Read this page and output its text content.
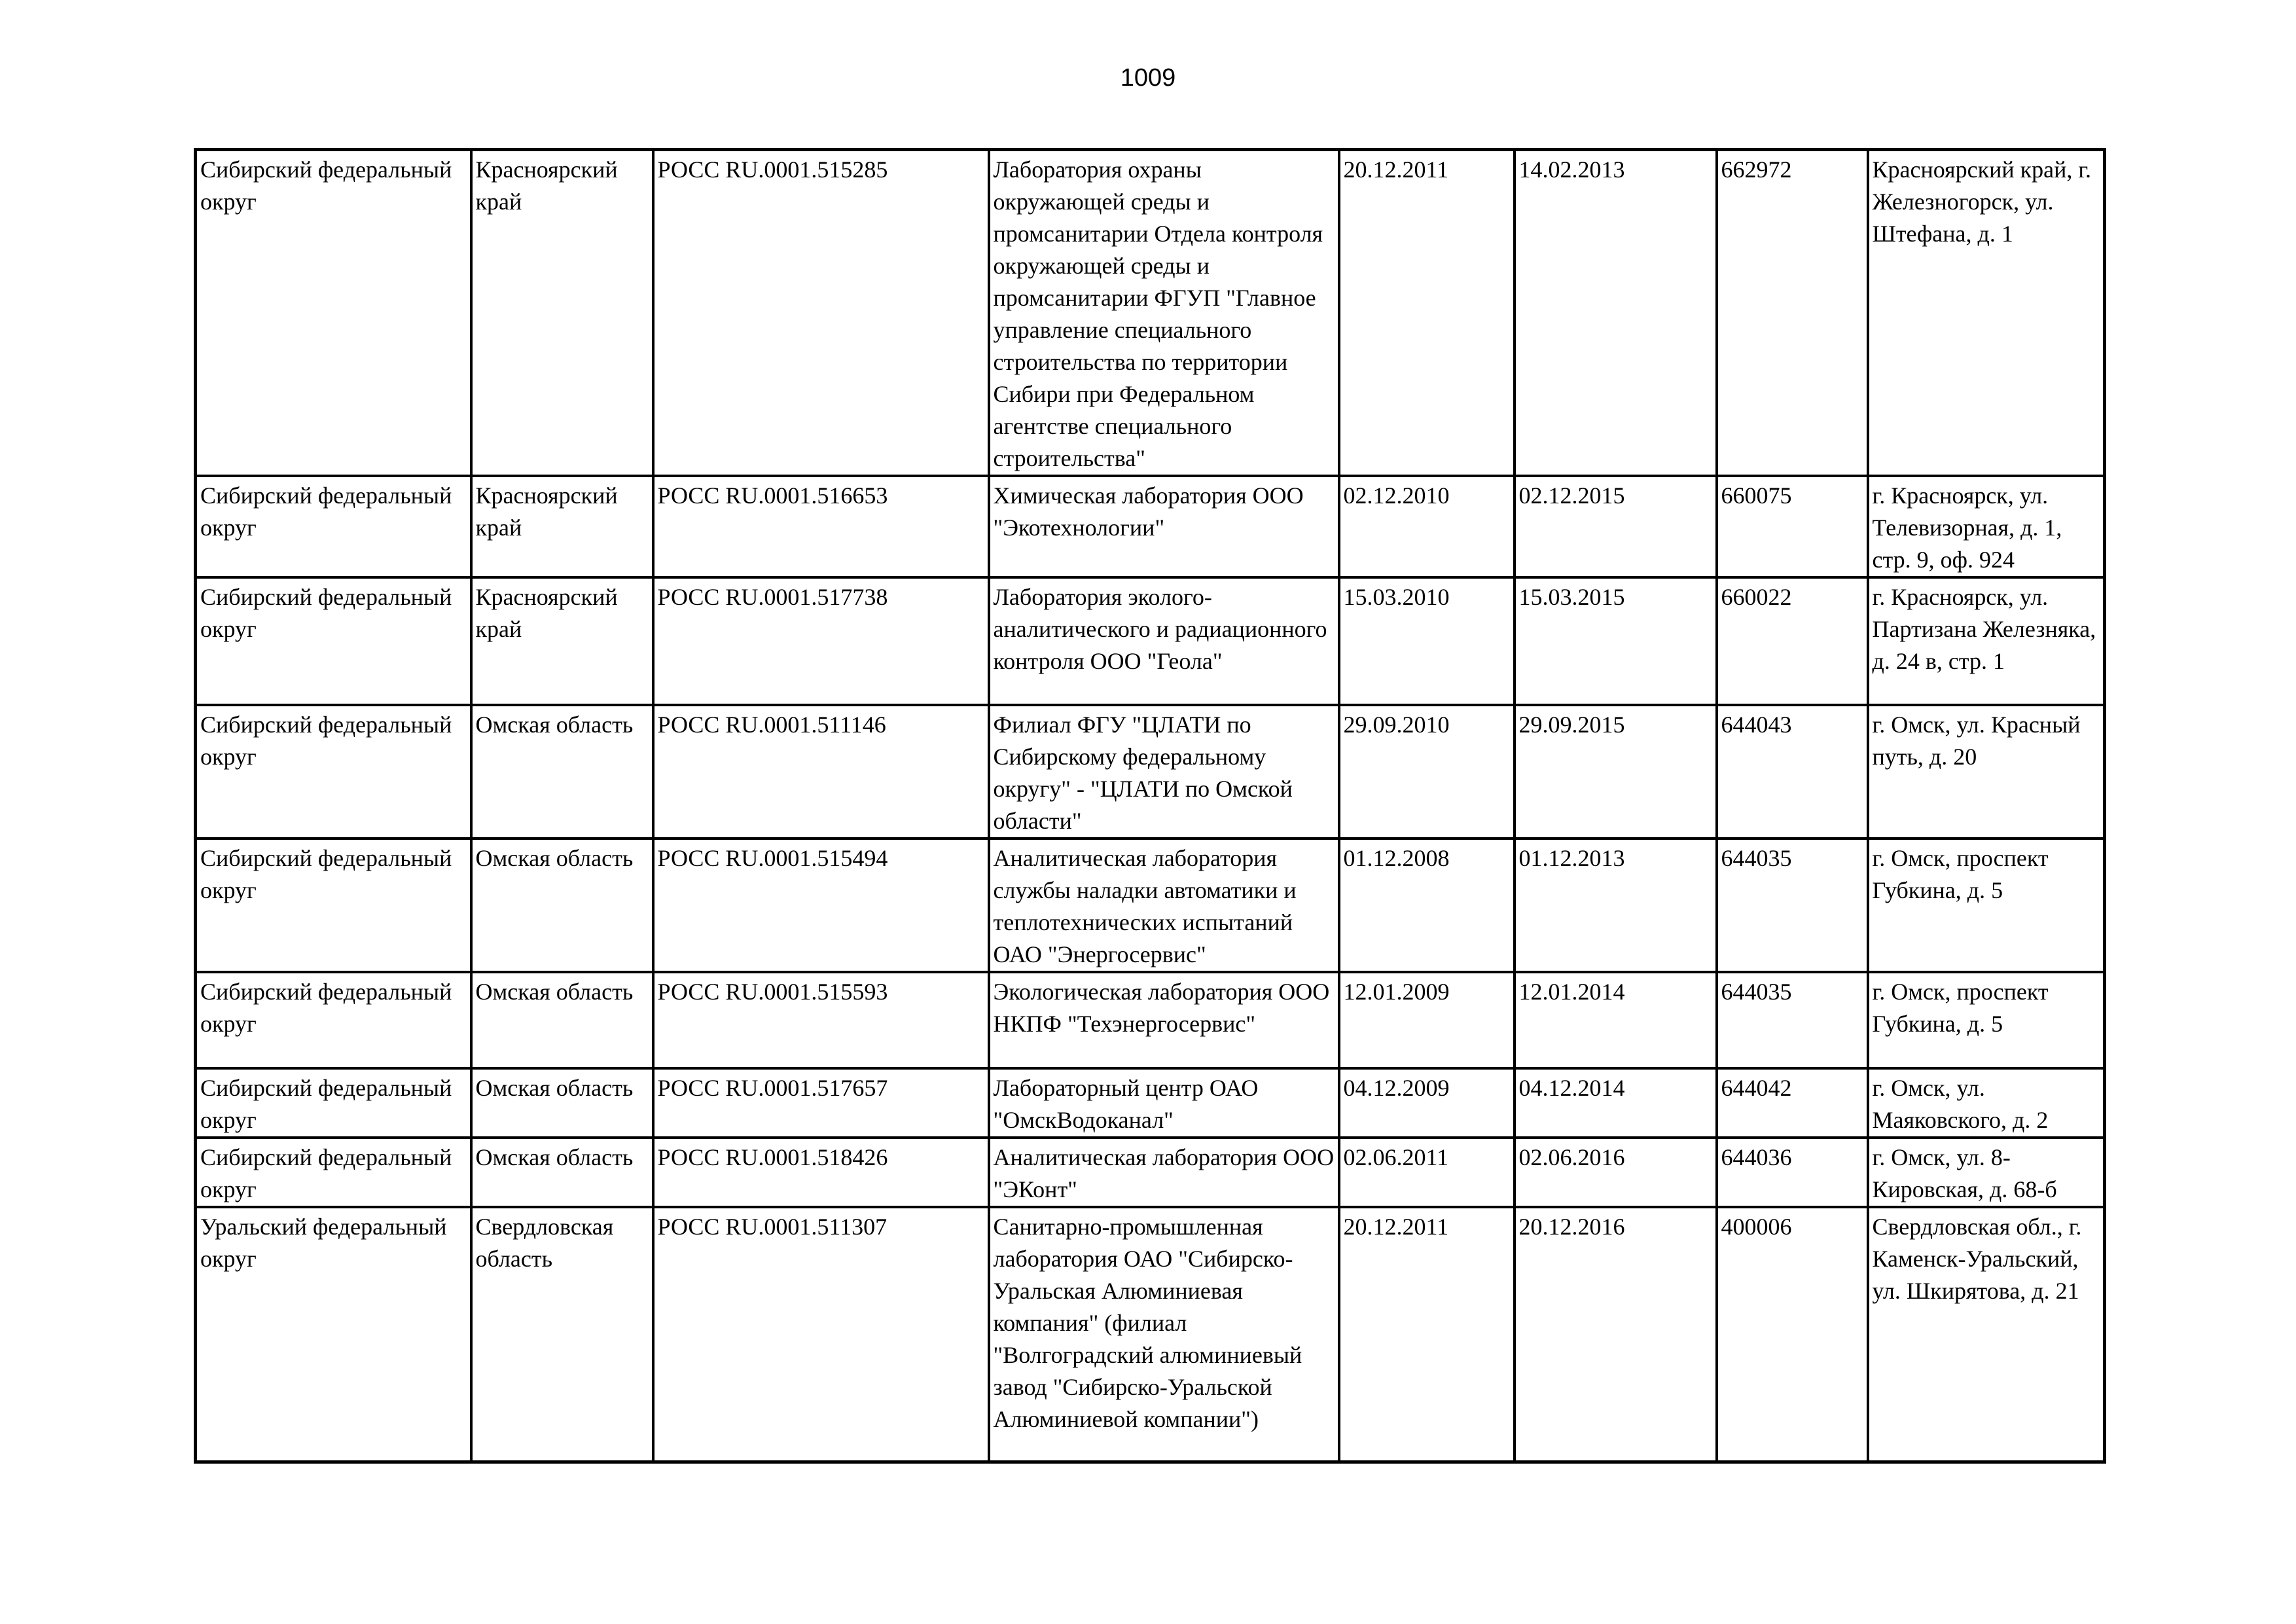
1009
Сибирский федеральный округ	Красноярский край	РОСС RU.0001.515285	Лаборатория охраны окружающей среды и промсанитарии Отдела контроля окружающей среды и промсанитарии ФГУП "Главное управление специального строительства по территории Сибири при Федеральном агентстве специального строительства"	20.12.2011	14.02.2013	662972	Красноярский край, г. Железногорск, ул. Штефана, д. 1
Сибирский федеральный округ	Красноярский край	РОСС RU.0001.516653	Химическая лаборатория ООО "Экотехнологии"	02.12.2010	02.12.2015	660075	г. Красноярск, ул. Телевизорная, д. 1, стр. 9, оф. 924
Сибирский федеральный округ	Красноярский край	РОСС RU.0001.517738	Лаборатория эколого-аналитического и радиационного контроля ООО "Геола"	15.03.2010	15.03.2015	660022	г. Красноярск, ул. Партизана Железняка, д. 24 в, стр. 1
Сибирский федеральный округ	Омская область	РОСС RU.0001.511146	Филиал ФГУ "ЦЛАТИ по Сибирскому федеральному округу" - "ЦЛАТИ по Омской области"	29.09.2010	29.09.2015	644043	г. Омск, ул. Красный путь, д. 20
Сибирский федеральный округ	Омская область	РОСС RU.0001.515494	Аналитическая лаборатория службы наладки автоматики и теплотехнических испытаний ОАО "Энергосервис"	01.12.2008	01.12.2013	644035	г. Омск, проспект Губкина, д. 5
Сибирский федеральный округ	Омская область	РОСС RU.0001.515593	Экологическая лаборатория ООО НКПФ "Техэнергосервис"	12.01.2009	12.01.2014	644035	г. Омск, проспект Губкина, д. 5
Сибирский федеральный округ	Омская область	РОСС RU.0001.517657	Лабораторный центр ОАО "ОмскВодоканал"	04.12.2009	04.12.2014	644042	г. Омск, ул. Маяковского, д. 2
Сибирский федеральный округ	Омская область	РОСС RU.0001.518426	Аналитическая лаборатория ООО "ЭКонт"	02.06.2011	02.06.2016	644036	г. Омск, ул. 8-Кировская, д. 68-б
Уральский федеральный округ	Свердловская область	РОСС RU.0001.511307	Санитарно-промышленная лаборатория ОАО "Сибирско-Уральская Алюминиевая компания" (филиал "Волгоградский алюминиевый завод "Сибирско-Уральской Алюминиевой компании")	20.12.2011	20.12.2016	400006	Свердловская обл., г. Каменск-Уральский, ул. Шкирятова, д. 21
